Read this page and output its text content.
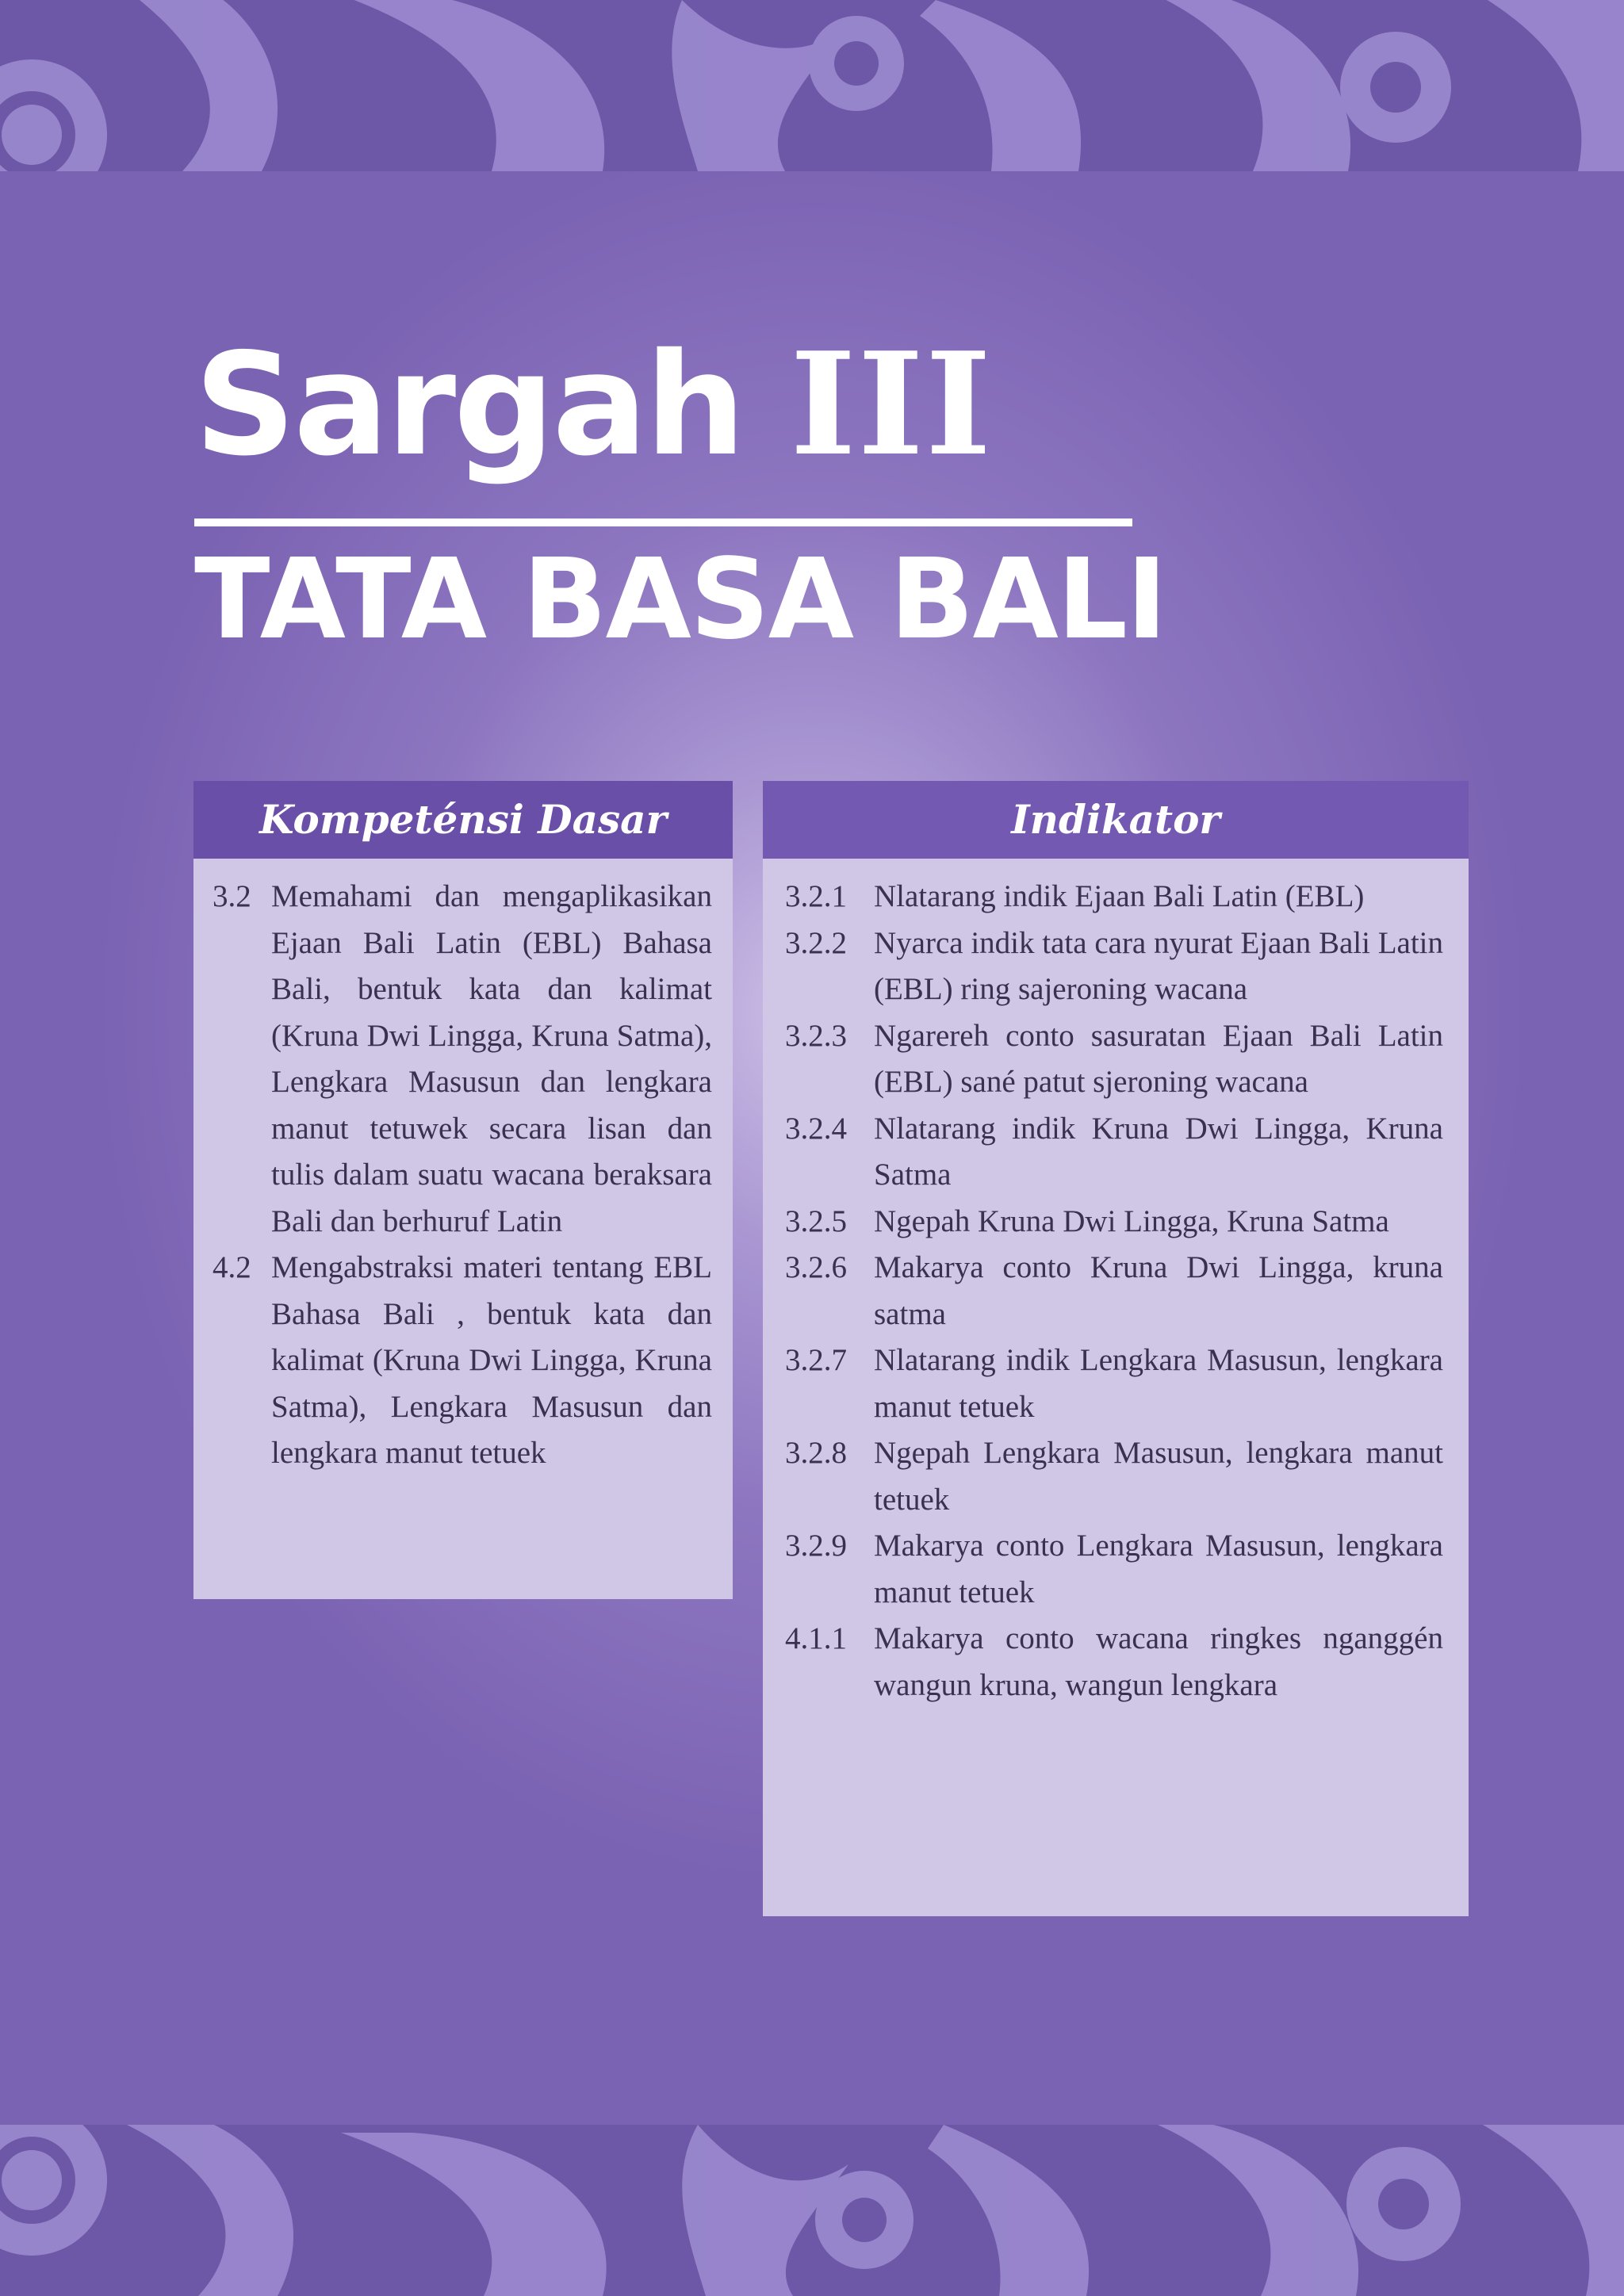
Sargah III
TATA BASA BALI
Kompeténsi Dasar
3.2 Memahami dan mengaplikasikan Ejaan Bali Latin (EBL) Bahasa Bali, bentuk kata dan kalimat (Kruna Dwi Lingga, Kruna Satma), Lengkara Masusun dan lengkara manut tetuwek secara lisan dan tulis dalam suatu wacana beraksara Bali dan berhuruf Latin
4.2 Mengabstraksi materi tentang EBL Bahasa Bali , bentuk kata dan kalimat (Kruna Dwi Lingga, Kruna Satma), Lengkara Masusun dan lengkara manut tetuek
Indikator
3.2.1 Nlatarang indik Ejaan Bali Latin (EBL)
3.2.2 Nyarca indik tata cara nyurat Ejaan Bali Latin (EBL) ring sajeroning wacana
3.2.3 Ngarereh conto sasuratan Ejaan Bali Latin (EBL) sané patut sjeroning wacana
3.2.4 Nlatarang indik Kruna Dwi Lingga, Kruna Satma
3.2.5 Ngepah Kruna Dwi Lingga, Kruna Satma
3.2.6 Makarya conto Kruna Dwi Lingga, kruna satma
3.2.7 Nlatarang indik Lengkara Masusun, lengkara manut tetuek
3.2.8 Ngepah Lengkara Masusun, lengkara manut tetuek
3.2.9 Makarya conto Lengkara Masusun, lengkara manut tetuek
4.1.1 Makarya conto wacana ringkes nganggén wangun kruna, wangun lengkara
